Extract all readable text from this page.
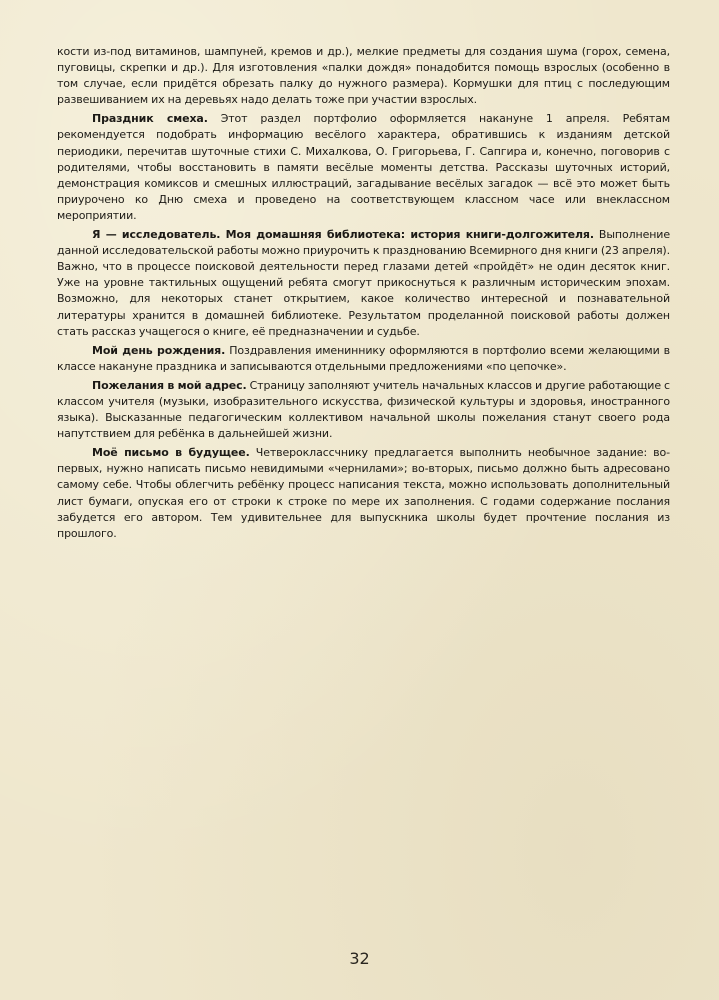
кости из-под витаминов, шампуней, кремов и др.), мелкие предметы для создания шума (горох, семена, пуговицы, скрепки и др.). Для изготовления «палки дождя» понадобится помощь взрослых (особенно в том случае, если придётся обрезать палку до нужного размера). Кормушки для птиц с последующим развешиванием их на деревьях надо делать тоже при участии взрослых.

Праздник смеха. Этот раздел портфолио оформляется накануне 1 апреля. Ребятам рекомендуется подобрать информацию весёлого характера, обратившись к изданиям детской периодики, перечитав шуточные стихи С. Михалкова, О. Григорьева, Г. Сапгира и, конечно, поговорив с родителями, чтобы восстановить в памяти весёлые моменты детства. Рассказы шуточных историй, демонстрация комиксов и смешных иллюстраций, загадывание весёлых загадок — всё это может быть приурочено ко Дню смеха и проведено на соответствующем классном часе или внеклассном мероприятии.

Я — исследователь. Моя домашняя библиотека: история книги-долгожителя. Выполнение данной исследовательской работы можно приурочить к празднованию Всемирного дня книги (23 апреля). Важно, что в процессе поисковой деятельности перед глазами детей «пройдёт» не один десяток книг. Уже на уровне тактильных ощущений ребята смогут прикоснуться к различным историческим эпохам. Возможно, для некоторых станет открытием, какое количество интересной и познавательной литературы хранится в домашней библиотеке. Результатом проделанной поисковой работы должен стать рассказ учащегося о книге, её предназначении и судьбе.

Мой день рождения. Поздравления имениннику оформляются в портфолио всеми желающими в классе накануне праздника и записываются отдельными предложениями «по цепочке».

Пожелания в мой адрес. Страницу заполняют учитель начальных классов и другие работающие с классом учителя (музыки, изобразительного искусства, физической культуры и здоровья, иностранного языка). Высказанные педагогическим коллективом начальной школы пожелания станут своего рода напутствием для ребёнка в дальнейшей жизни.

Моё письмо в будущее. Четвероклассчнику предлагается выполнить необычное задание: во-первых, нужно написать письмо невидимыми «чернилами»; во-вторых, письмо должно быть адресовано самому себе. Чтобы облегчить ребёнку процесс написания текста, можно использовать дополнительный лист бумаги, опуская его от строки к строке по мере их заполнения. С годами содержание послания забудется его автором. Тем удивительнее для выпускника школы будет прочтение послания из прошлого.

32
